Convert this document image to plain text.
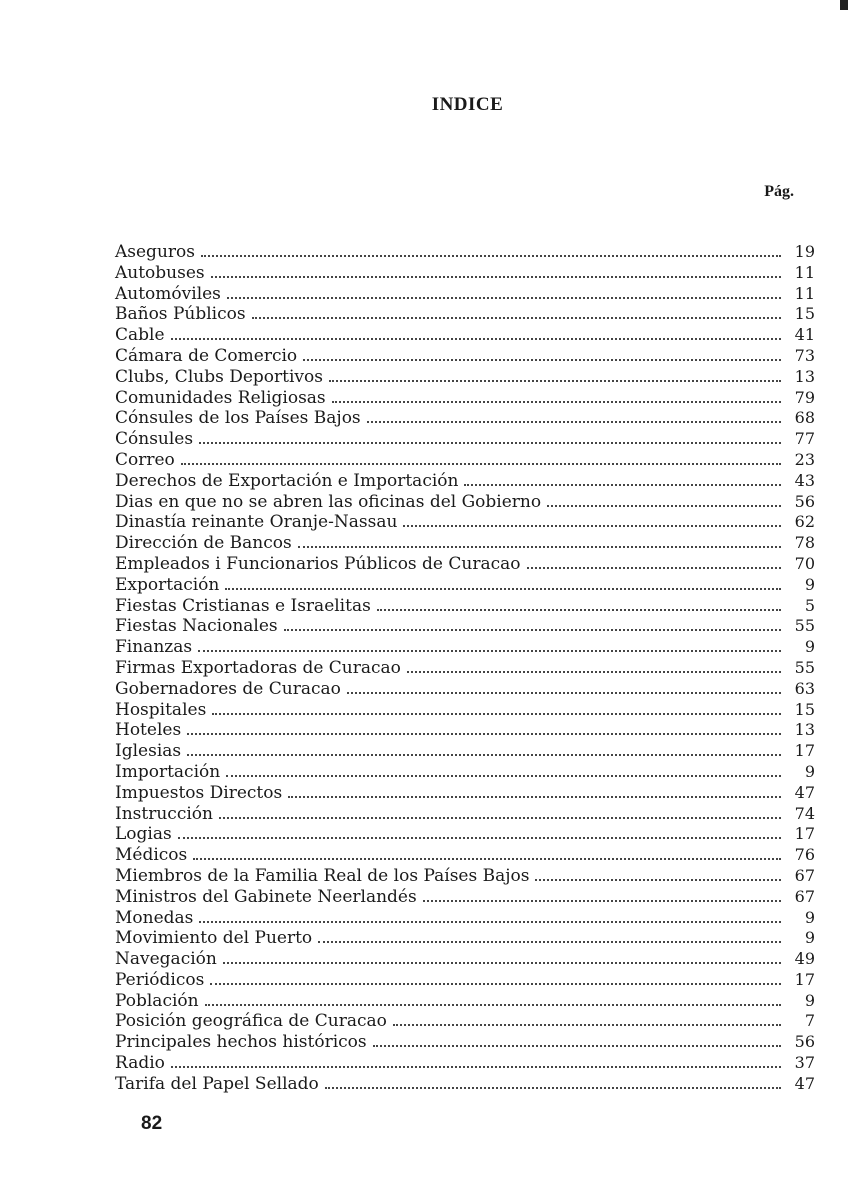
INDICE
Pág.
Aseguros	19
Autobuses	11
Automóviles	11
Baños Públicos	15
Cable	41
Cámara de Comercio	73
Clubs, Clubs Deportivos	13
Comunidades Religiosas	79
Cónsules de los Países Bajos	68
Cónsules	77
Correo	23
Derechos de Exportación e Importación	43
Dias en que no se abren las oficinas del Gobierno	56
Dinastía reinante Oranje-Nassau	62
Dirección de Bancos	78
Empleados i Funcionarios Públicos de Curacao	70
Exportación	9
Fiestas Cristianas e Israelitas	5
Fiestas Nacionales	55
Finanzas	9
Firmas Exportadoras de Curacao	55
Gobernadores de Curacao	63
Hospitales	15
Hoteles	13
Iglesias	17
Importación	9
Impuestos Directos	47
Instrucción	74
Logias	17
Médicos	76
Miembros de la Familia Real de los Países Bajos	67
Ministros del Gabinete Neerlandés	67
Monedas	9
Movimiento del Puerto	9
Navegación	49
Periódicos	17
Población	9
Posición geográfica de Curacao	7
Principales hechos históricos	56
Radio	37
Tarifa del Papel Sellado	47
82
